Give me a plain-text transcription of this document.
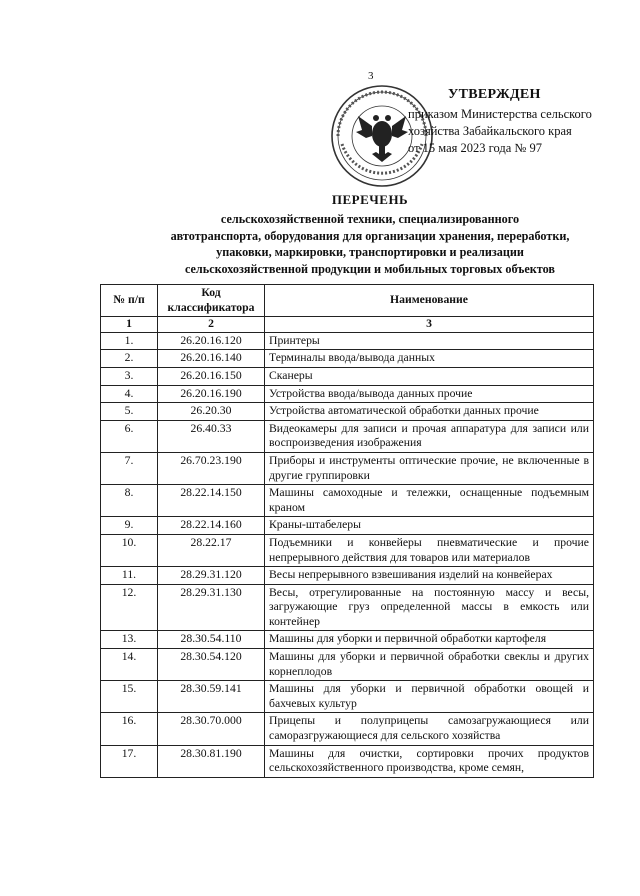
3
УТВЕРЖДЕН
приказом Министерства сельского
хозяйства Забайкальского края
от 15 мая 2023 года № 97
ПЕРЕЧЕНЬ
сельскохозяйственной техники, специализированного
автотранспорта, оборудования для организации хранения, переработки,
упаковки, маркировки, транспортировки и реализации
сельскохозяйственной продукции и мобильных торговых объектов
№ п/п	Код классификатора	Наименование
1	2	3
1.	26.20.16.120	Принтеры
2.	26.20.16.140	Терминалы ввода/вывода данных
3.	26.20.16.150	Сканеры
4.	26.20.16.190	Устройства ввода/вывода данных прочие
5.	26.20.30	Устройства автоматической обработки данных прочие
6.	26.40.33	Видеокамеры для записи и прочая аппаратура для записи или воспроизведения изображения
7.	26.70.23.190	Приборы и инструменты оптические прочие, не включенные в другие группировки
8.	28.22.14.150	Машины самоходные и тележки, оснащенные подъемным краном
9.	28.22.14.160	Краны-штабелеры
10.	28.22.17	Подъемники и конвейеры пневматические и прочие непрерывного действия для товаров или материалов
11.	28.29.31.120	Весы непрерывного взвешивания изделий на конвейерах
12.	28.29.31.130	Весы, отрегулированные на постоянную массу и весы, загружающие груз определенной массы в емкость или контейнер
13.	28.30.54.110	Машины для уборки и первичной обработки картофеля
14.	28.30.54.120	Машины для уборки и первичной обработки свеклы и других корнеплодов
15.	28.30.59.141	Машины для уборки и первичной обработки овощей и бахчевых культур
16.	28.30.70.000	Прицепы и полуприцепы самозагружающиеся или саморазгружающиеся для сельского хозяйства
17.	28.30.81.190	Машины для очистки, сортировки прочих продуктов сельскохозяйственного производства, кроме семян,
